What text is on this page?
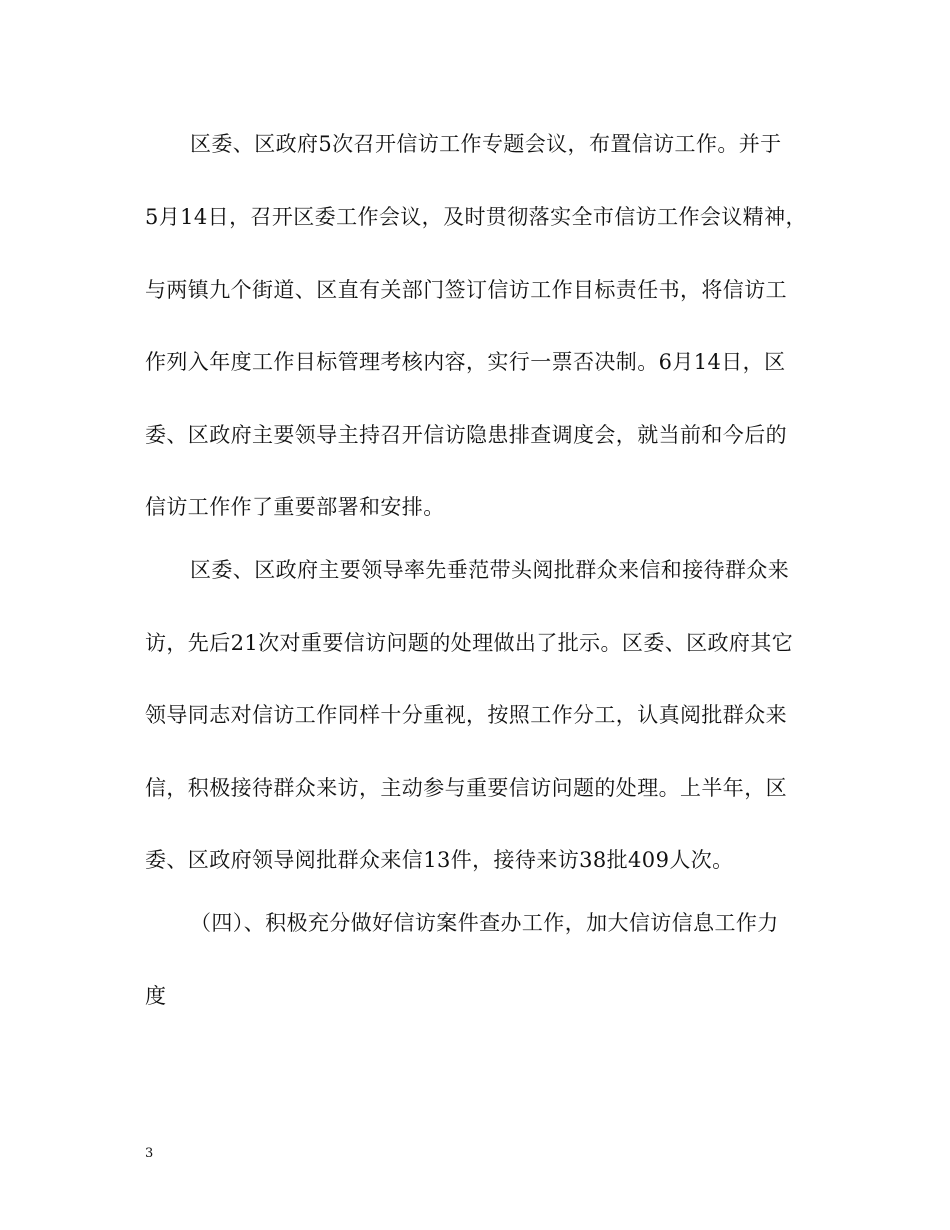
区委、区政府5次召开信访工作专题会议，布置信访工作。并于
5月14日，召开区委工作会议，及时贯彻落实全市信访工作会议精神，
与两镇九个街道、区直有关部门签订信访工作目标责任书，将信访工
作列入年度工作目标管理考核内容，实行一票否决制。6月14日，区
委、区政府主要领导主持召开信访隐患排查调度会，就当前和今后的
信访工作作了重要部署和安排。
区委、区政府主要领导率先垂范带头阅批群众来信和接待群众来
访，先后21次对重要信访问题的处理做出了批示。区委、区政府其它
领导同志对信访工作同样十分重视，按照工作分工，认真阅批群众来
信，积极接待群众来访，主动参与重要信访问题的处理。上半年，区
委、区政府领导阅批群众来信13件，接待来访38批409人次。
（四）、积极充分做好信访案件查办工作，加大信访信息工作力
度
3
